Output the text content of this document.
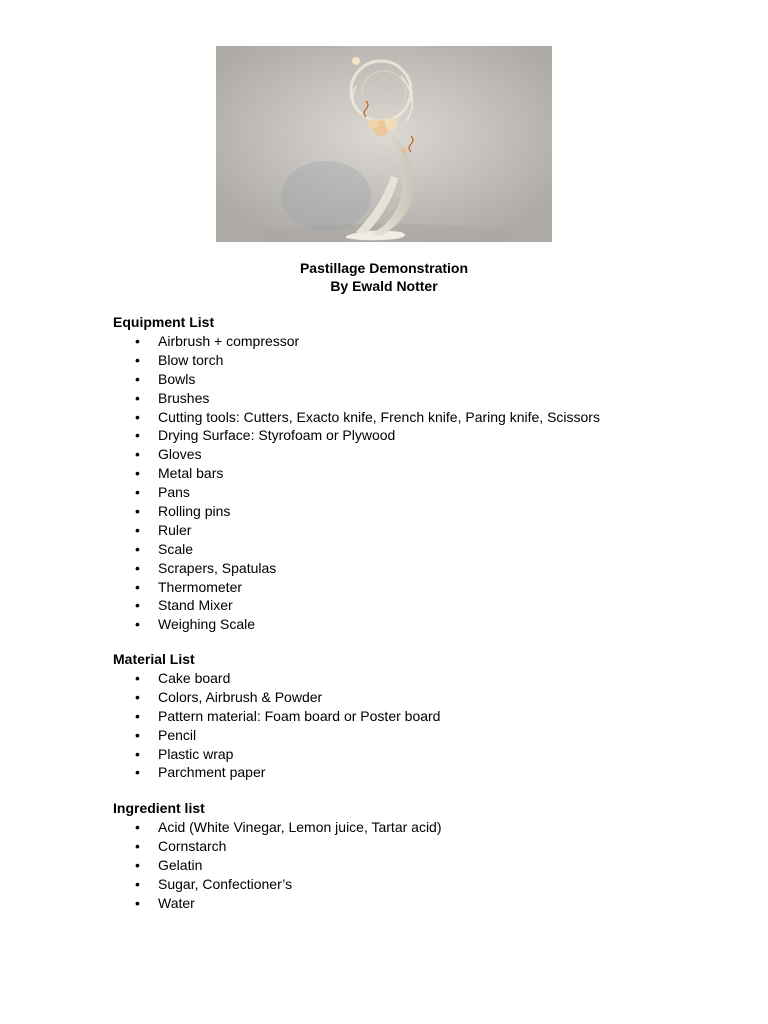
Pastillage Demonstration
By Ewald Notter
Equipment List
• Airbrush + compressor
• Blow torch
• Bowls
• Brushes
• Cutting tools: Cutters, Exacto knife, French knife, Paring knife, Scissors
• Drying Surface: Styrofoam or Plywood
• Gloves
• Metal bars
• Pans
• Rolling pins
• Ruler
• Scale
• Scrapers, Spatulas
• Thermometer
• Stand Mixer
• Weighing Scale
Material List
• Cake board
• Colors, Airbrush & Powder
• Pattern material: Foam board or Poster board
• Pencil
• Plastic wrap
• Parchment paper
Ingredient list
• Acid (White Vinegar, Lemon juice, Tartar acid)
• Cornstarch
• Gelatin
• Sugar, Confectioner’s
• Water
